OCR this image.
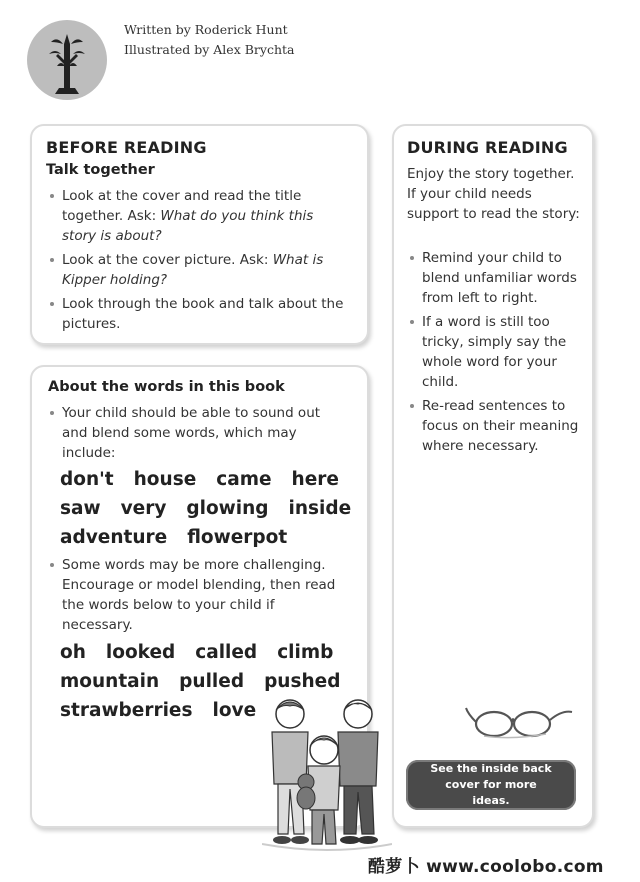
Written by Roderick Hunt
Illustrated by Alex Brychta
BEFORE READING
Talk together
Look at the cover and read the title together. Ask: What do you think this story is about?
Look at the cover picture. Ask: What is Kipper holding?
Look through the book and talk about the pictures.
About the words in this book
Your child should be able to sound out and blend some words, which may include:
don't house came here
saw very glowing inside
adventure flowerpot
Some words may be more challenging. Encourage or model blending, then read the words below to your child if necessary.
oh looked called climb
mountain pulled pushed
strawberries love
DURING READING
Enjoy the story together. If your child needs support to read the story:
Remind your child to blend unfamiliar words from left to right.
If a word is still too tricky, simply say the whole word for your child.
Re-read sentences to focus on their meaning where necessary.
See the inside back cover for more ideas.
酷萝卜 www.coolobo.com
